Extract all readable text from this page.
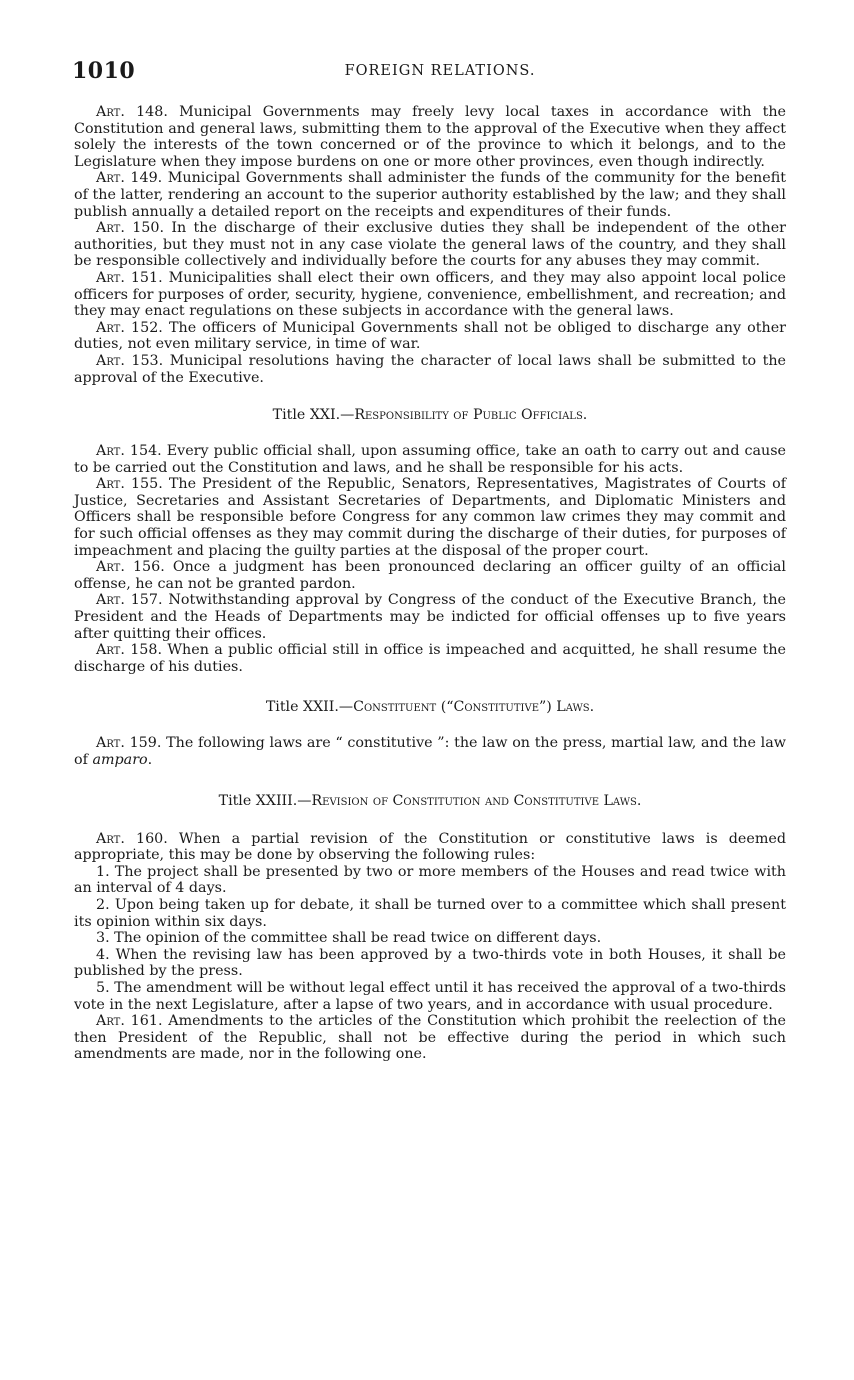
1010	FOREIGN RELATIONS.

Art. 148. Municipal Governments may freely levy local taxes in accordance with the Constitution and general laws, submitting them to the approval of the Executive when they affect solely the interests of the town concerned or of the province to which it belongs, and to the Legislature when they impose burdens on one or more other provinces, even though indirectly.

Art. 149. Municipal Governments shall administer the funds of the community for the benefit of the latter, rendering an account to the superior authority established by the law; and they shall publish annually a detailed report on the receipts and expenditures of their funds.

Art. 150. In the discharge of their exclusive duties they shall be independent of the other authorities, but they must not in any case violate the general laws of the country, and they shall be responsible collectively and individually before the courts for any abuses they may commit.

Art. 151. Municipalities shall elect their own officers, and they may also appoint local police officers for purposes of order, security, hygiene, convenience, embellishment, and recreation; and they may enact regulations on these subjects in accordance with the general laws.

Art. 152. The officers of Municipal Governments shall not be obliged to discharge any other duties, not even military service, in time of war.

Art. 153. Municipal resolutions having the character of local laws shall be submitted to the approval of the Executive.

Title XXI.—Responsibility of Public Officials.

Art. 154. Every public official shall, upon assuming office, take an oath to carry out and cause to be carried out the Constitution and laws, and he shall be responsible for his acts.

Art. 155. The President of the Republic, Senators, Representatives, Magistrates of Courts of Justice, Secretaries and Assistant Secretaries of Departments, and Diplomatic Ministers and Officers shall be responsible before Congress for any common law crimes they may commit and for such official offenses as they may commit during the discharge of their duties, for purposes of impeachment and placing the guilty parties at the disposal of the proper court.

Art. 156. Once a judgment has been pronounced declaring an officer guilty of an official offense, he can not be granted pardon.

Art. 157. Notwithstanding approval by Congress of the conduct of the Executive Branch, the President and the Heads of Departments may be indicted for official offenses up to five years after quitting their offices.

Art. 158. When a public official still in office is impeached and acquitted, he shall resume the discharge of his duties.

Title XXII.—Constituent (“Constitutive”) Laws.

Art. 159. The following laws are “ constitutive ”: the law on the press, martial law, and the law of amparo.

Title XXIII.—Revision of Constitution and Constitutive Laws.

Art. 160. When a partial revision of the Constitution or constitutive laws is deemed appropriate, this may be done by observing the following rules:

1. The project shall be presented by two or more members of the Houses and read twice with an interval of 4 days.

2. Upon being taken up for debate, it shall be turned over to a committee which shall present its opinion within six days.

3. The opinion of the committee shall be read twice on different days.

4. When the revising law has been approved by a two-thirds vote in both Houses, it shall be published by the press.

5. The amendment will be without legal effect until it has received the approval of a two-thirds vote in the next Legislature, after a lapse of two years, and in accordance with usual procedure.

Art. 161. Amendments to the articles of the Constitution which prohibit the reelection of the then President of the Republic, shall not be effective during the period in which such amendments are made, nor in the following one.
